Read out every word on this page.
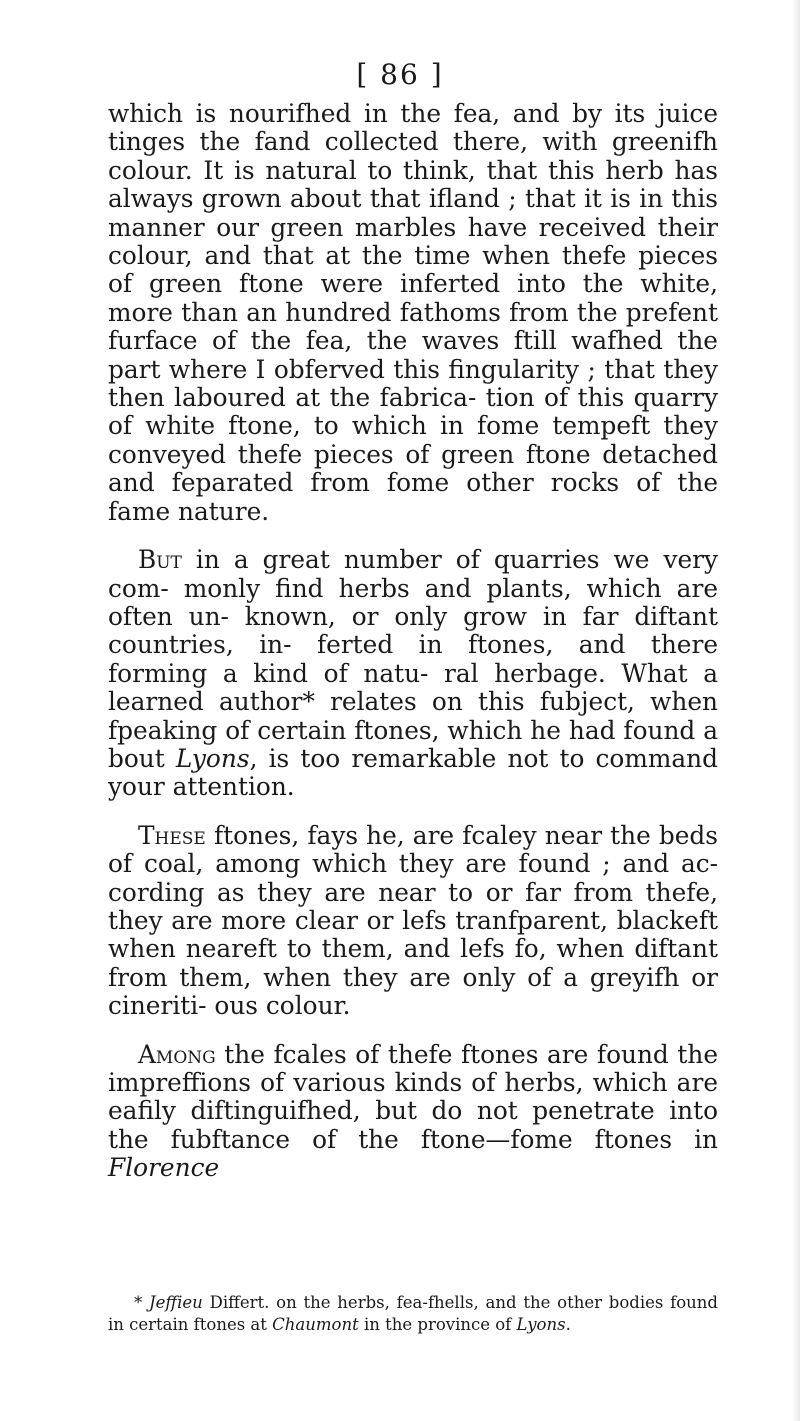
[ 86 ]

which is nourifhed in the fea, and by its juice tinges the fand collected there, with greenifh colour. It is natural to think, that this herb has always grown about that ifland ; that it is in this manner our green marbles have received their colour, and that at the time when thefe pieces of green ftone were inferted into the white, more than an hundred fathoms from the prefent furface of the fea, the waves ftill wafhed the part where I obferved this fingularity ; that they then laboured at the fabrica- tion of this quarry of white ftone, to which in fome tempeft they conveyed thefe pieces of green ftone detached and feparated from fome other rocks of the fame nature.

But in a great number of quarries we very com- monly find herbs and plants, which are often un- known, or only grow in far diftant countries, in- ferted in ftones, and there forming a kind of natu- ral herbage. What a learned author* relates on this fubject, when fpeaking of certain ftones, which he had found a bout Lyons, is too remarkable not to command your attention.

These ftones, fays he, are fcaley near the beds of coal, among which they are found ; and ac- cording as they are near to or far from thefe, they are more clear or lefs tranfparent, blackeft when neareft to them, and lefs fo, when diftant from them, when they are only of a greyifh or cineriti- ous colour.

Among the fcales of thefe ftones are found the impreffions of various kinds of herbs, which are eafily diftinguifhed, but do not penetrate into the fubftance of the ftone—fome ftones in Florence

* Jeffieu Differt. on the herbs, fea-fhells, and the other bodies found in certain ftones at Chaumont in the province of Lyons.
